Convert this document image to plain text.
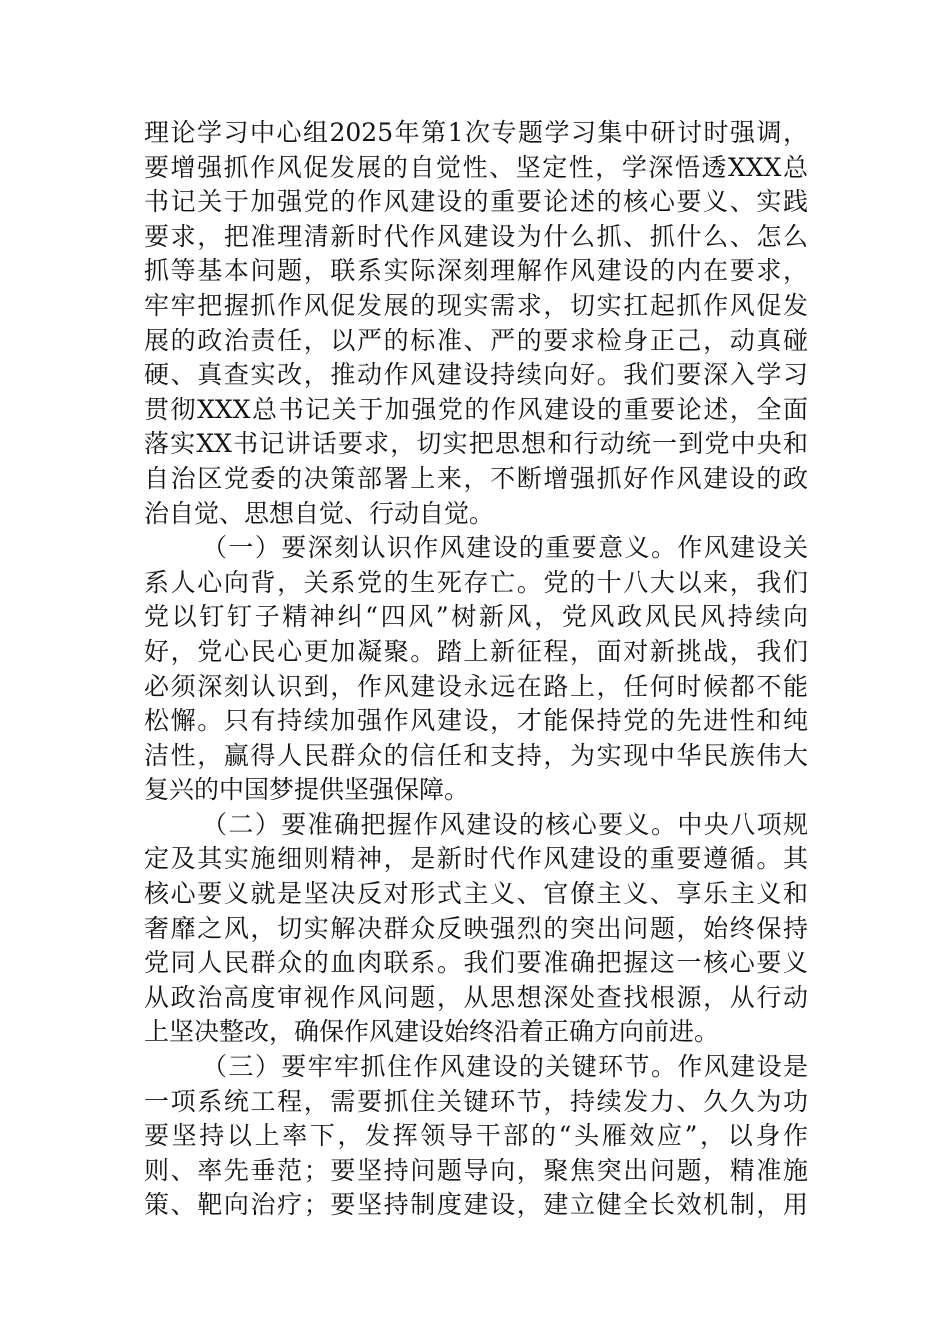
理论学习中心组2025年第1次专题学习集中研讨时强调，
要增强抓作风促发展的自觉性、坚定性，学深悟透XXX总
书记关于加强党的作风建设的重要论述的核心要义、实践
要求，把准理清新时代作风建设为什么抓、抓什么、怎么
抓等基本问题，联系实际深刻理解作风建设的内在要求，
牢牢把握抓作风促发展的现实需求，切实扛起抓作风促发
展的政治责任，以严的标准、严的要求检身正己，动真碰
硬、真查实改，推动作风建设持续向好。我们要深入学习
贯彻XXX总书记关于加强党的作风建设的重要论述，全面
落实XX书记讲话要求，切实把思想和行动统一到党中央和
自治区党委的决策部署上来，不断增强抓好作风建设的政
治自觉、思想自觉、行动自觉。
（一）要深刻认识作风建设的重要意义。作风建设关
系人心向背，关系党的生死存亡。党的十八大以来，我们
党以钉钉子精神纠“四风”树新风，党风政风民风持续向
好，党心民心更加凝聚。踏上新征程，面对新挑战，我们
必须深刻认识到，作风建设永远在路上，任何时候都不能
松懈。只有持续加强作风建设，才能保持党的先进性和纯
洁性，赢得人民群众的信任和支持，为实现中华民族伟大
复兴的中国梦提供坚强保障。
（二）要准确把握作风建设的核心要义。中央八项规
定及其实施细则精神，是新时代作风建设的重要遵循。其
核心要义就是坚决反对形式主义、官僚主义、享乐主义和
奢靡之风，切实解决群众反映强烈的突出问题，始终保持
党同人民群众的血肉联系。我们要准确把握这一核心要义
从政治高度审视作风问题，从思想深处查找根源，从行动
上坚决整改，确保作风建设始终沿着正确方向前进。
（三）要牢牢抓住作风建设的关键环节。作风建设是
一项系统工程，需要抓住关键环节，持续发力、久久为功
要坚持以上率下，发挥领导干部的“头雁效应”，以身作
则、率先垂范；要坚持问题导向，聚焦突出问题，精准施
策、靶向治疗；要坚持制度建设，建立健全长效机制，用
